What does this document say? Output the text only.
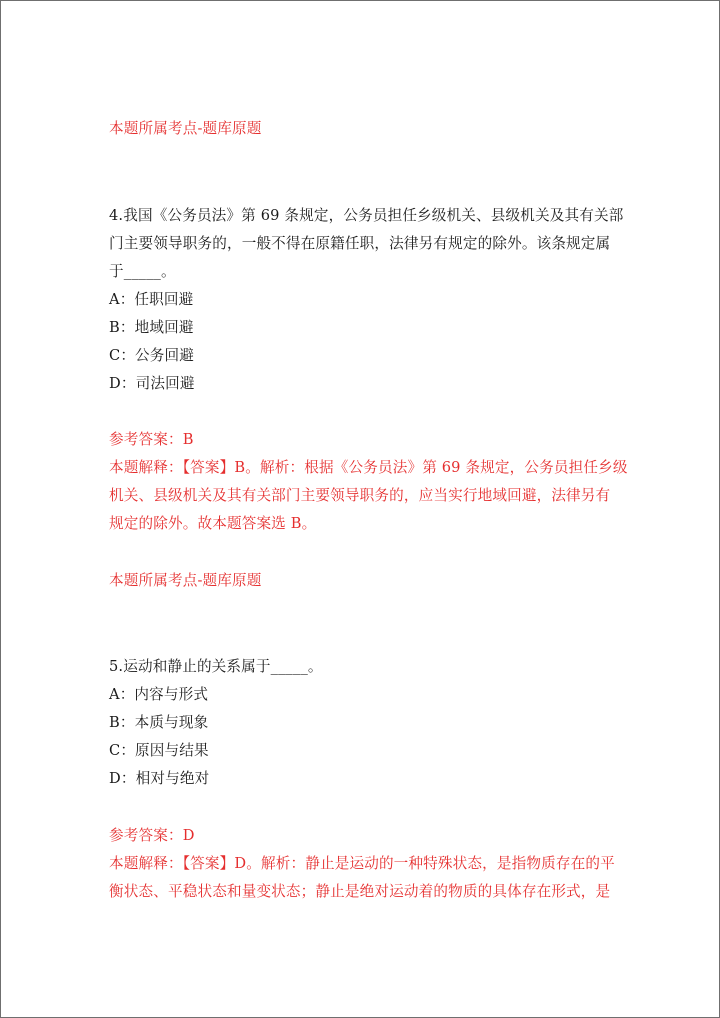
本题所属考点-题库原题
4.我国《公务员法》第 69 条规定，公务员担任乡级机关、县级机关及其有关部
门主要领导职务的，一般不得在原籍任职，法律另有规定的除外。该条规定属
于_____。
A：任职回避
B：地域回避
C：公务回避
D：司法回避
参考答案：B
本题解释：【答案】B。解析：根据《公务员法》第 69 条规定，公务员担任乡级
机关、县级机关及其有关部门主要领导职务的，应当实行地域回避，法律另有
规定的除外。故本题答案选 B。
本题所属考点-题库原题
5.运动和静止的关系属于_____。
A：内容与形式
B：本质与现象
C：原因与结果
D：相对与绝对
参考答案：D
本题解释：【答案】D。解析：静止是运动的一种特殊状态，是指物质存在的平
衡状态、平稳状态和量变状态；静止是绝对运动着的物质的具体存在形式，是
